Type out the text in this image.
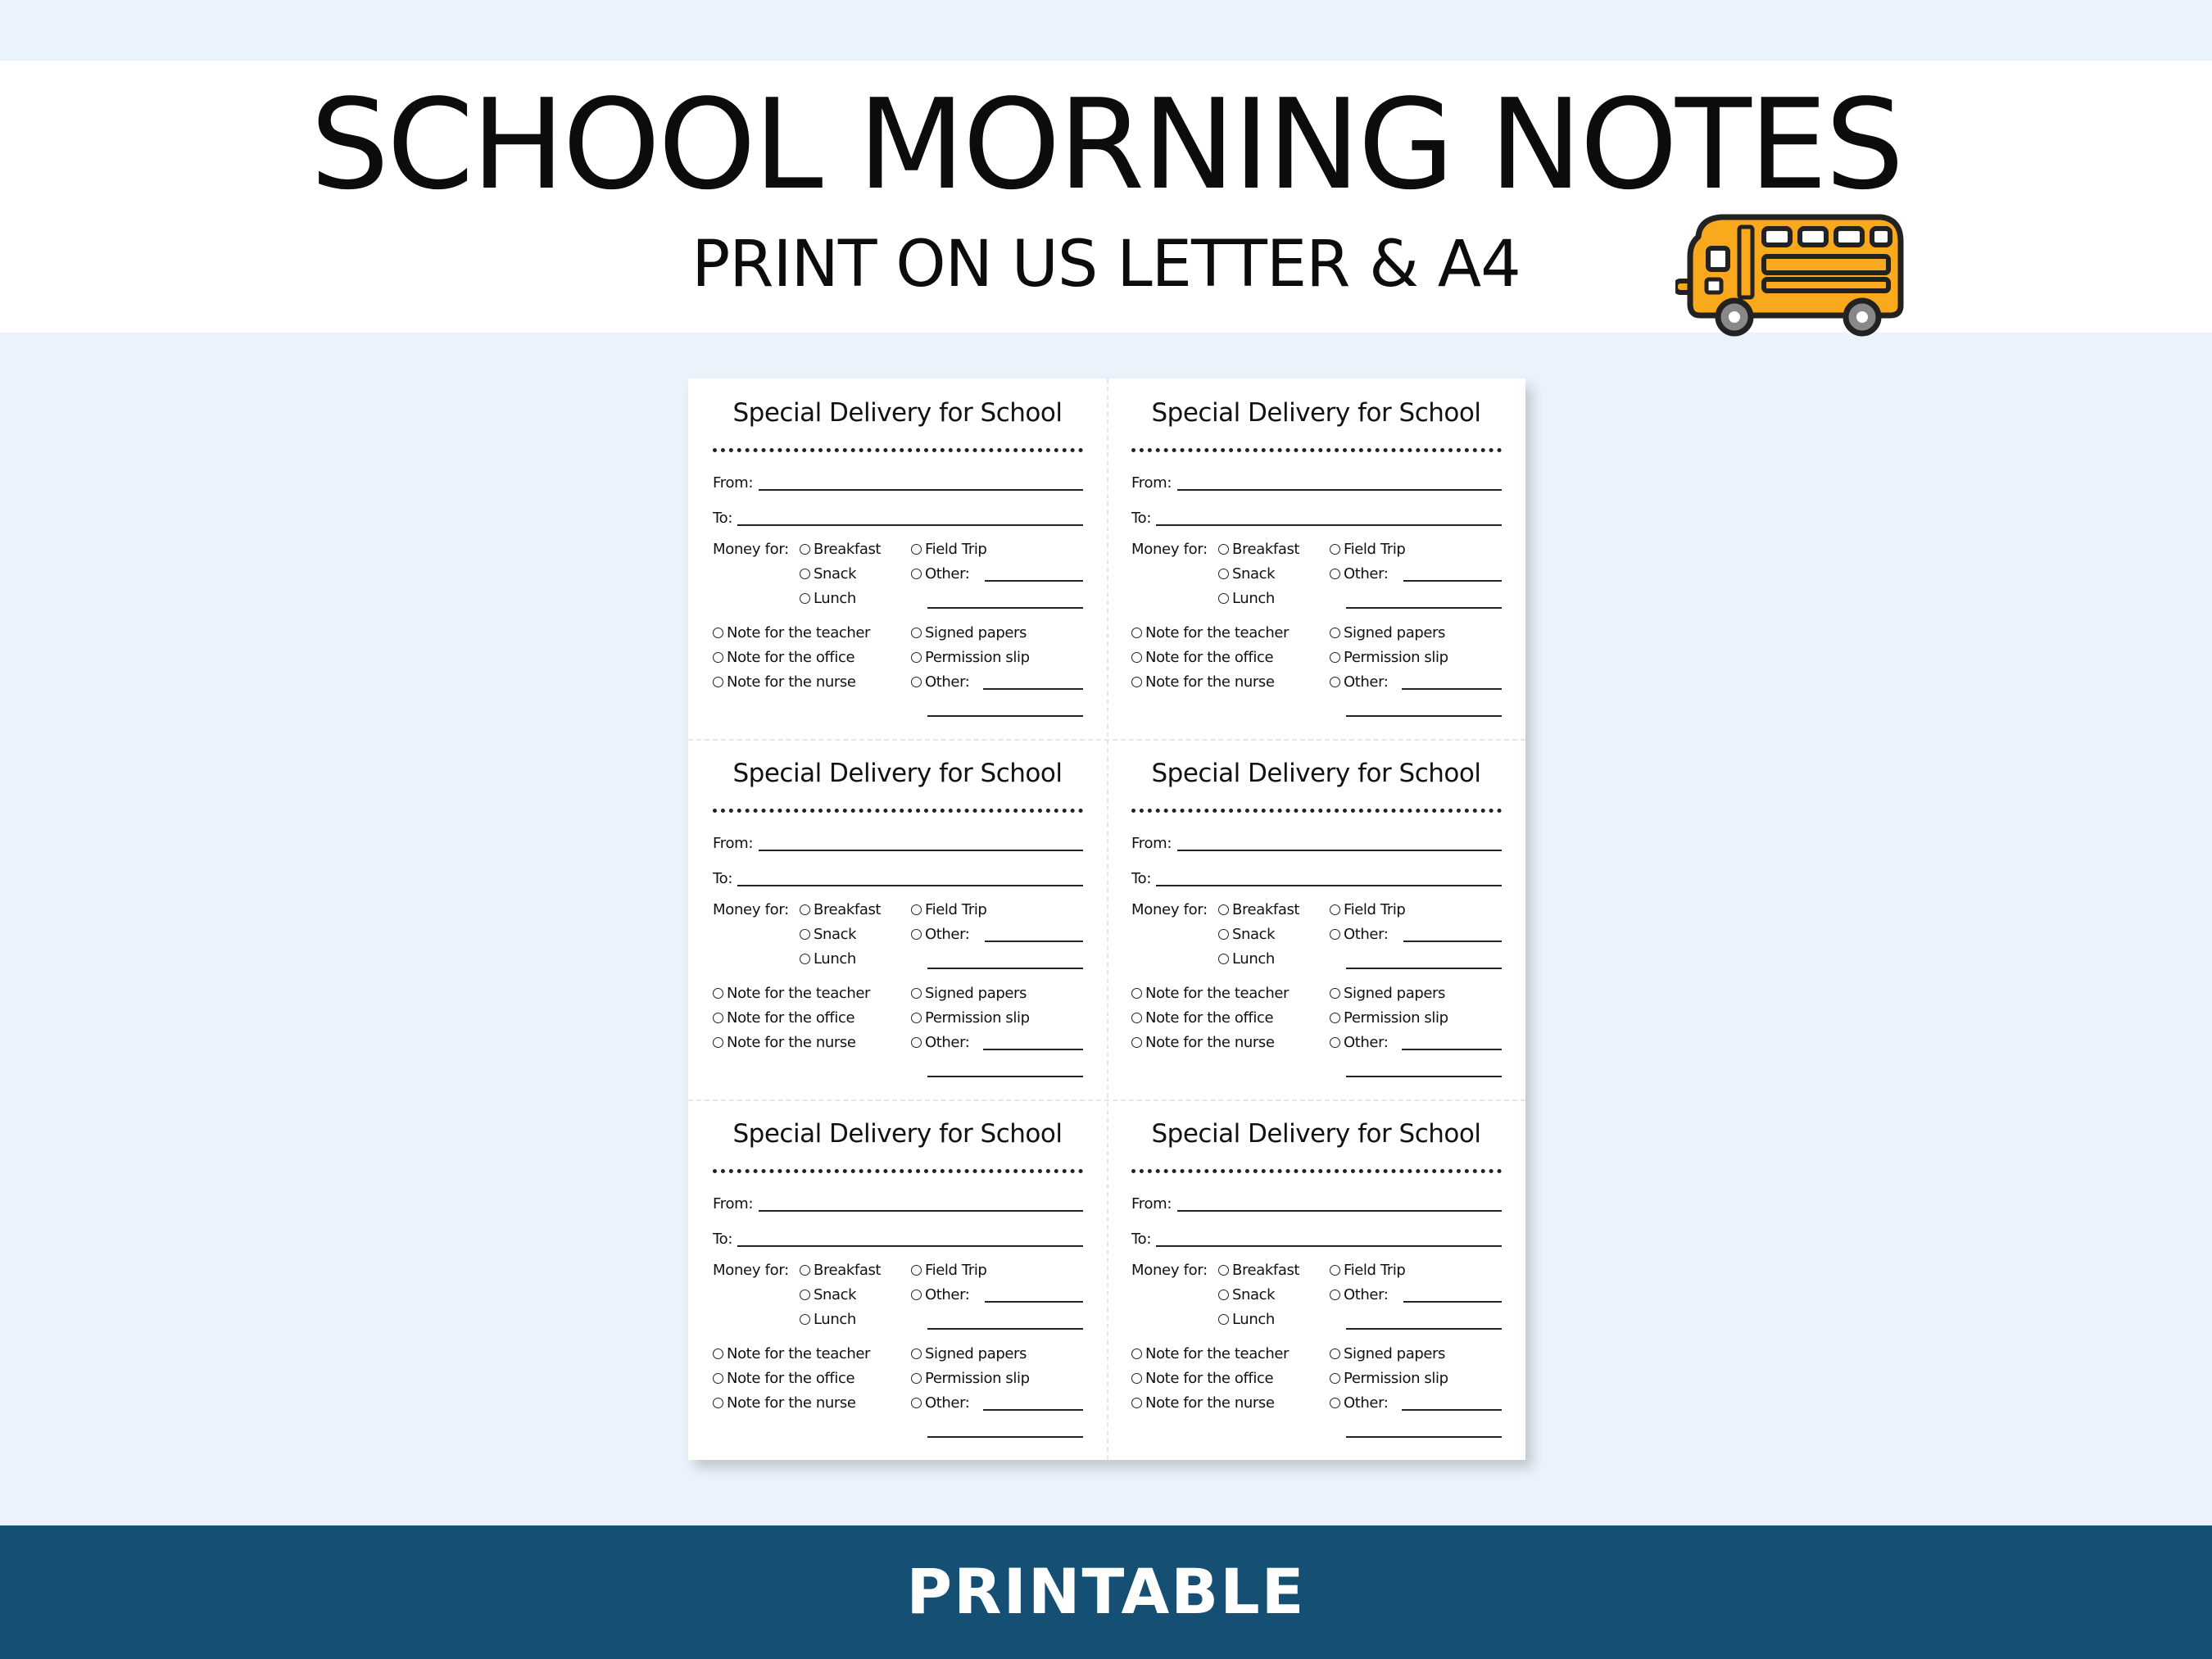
SCHOOL MORNING NOTES
PRINT ON US LETTER & A4
Special Delivery for School
From:
To:
Money for:	Breakfast
Snack
Lunch
Field Trip
Other:
Note for the teacher
Note for the office
Note for the nurse
Signed papers
Permission slip
Other:
Special Delivery for School
From:
To:
Money for:	Breakfast
Snack
Lunch
Field Trip
Other:
Note for the teacher
Note for the office
Note for the nurse
Signed papers
Permission slip
Other:
Special Delivery for School
From:
To:
Money for:	Breakfast
Snack
Lunch
Field Trip
Other:
Note for the teacher
Note for the office
Note for the nurse
Signed papers
Permission slip
Other:
Special Delivery for School
From:
To:
Money for:	Breakfast
Snack
Lunch
Field Trip
Other:
Note for the teacher
Note for the office
Note for the nurse
Signed papers
Permission slip
Other:
Special Delivery for School
From:
To:
Money for:	Breakfast
Snack
Lunch
Field Trip
Other:
Note for the teacher
Note for the office
Note for the nurse
Signed papers
Permission slip
Other:
Special Delivery for School
From:
To:
Money for:	Breakfast
Snack
Lunch
Field Trip
Other:
Note for the teacher
Note for the office
Note for the nurse
Signed papers
Permission slip
Other:
PRINTABLE
